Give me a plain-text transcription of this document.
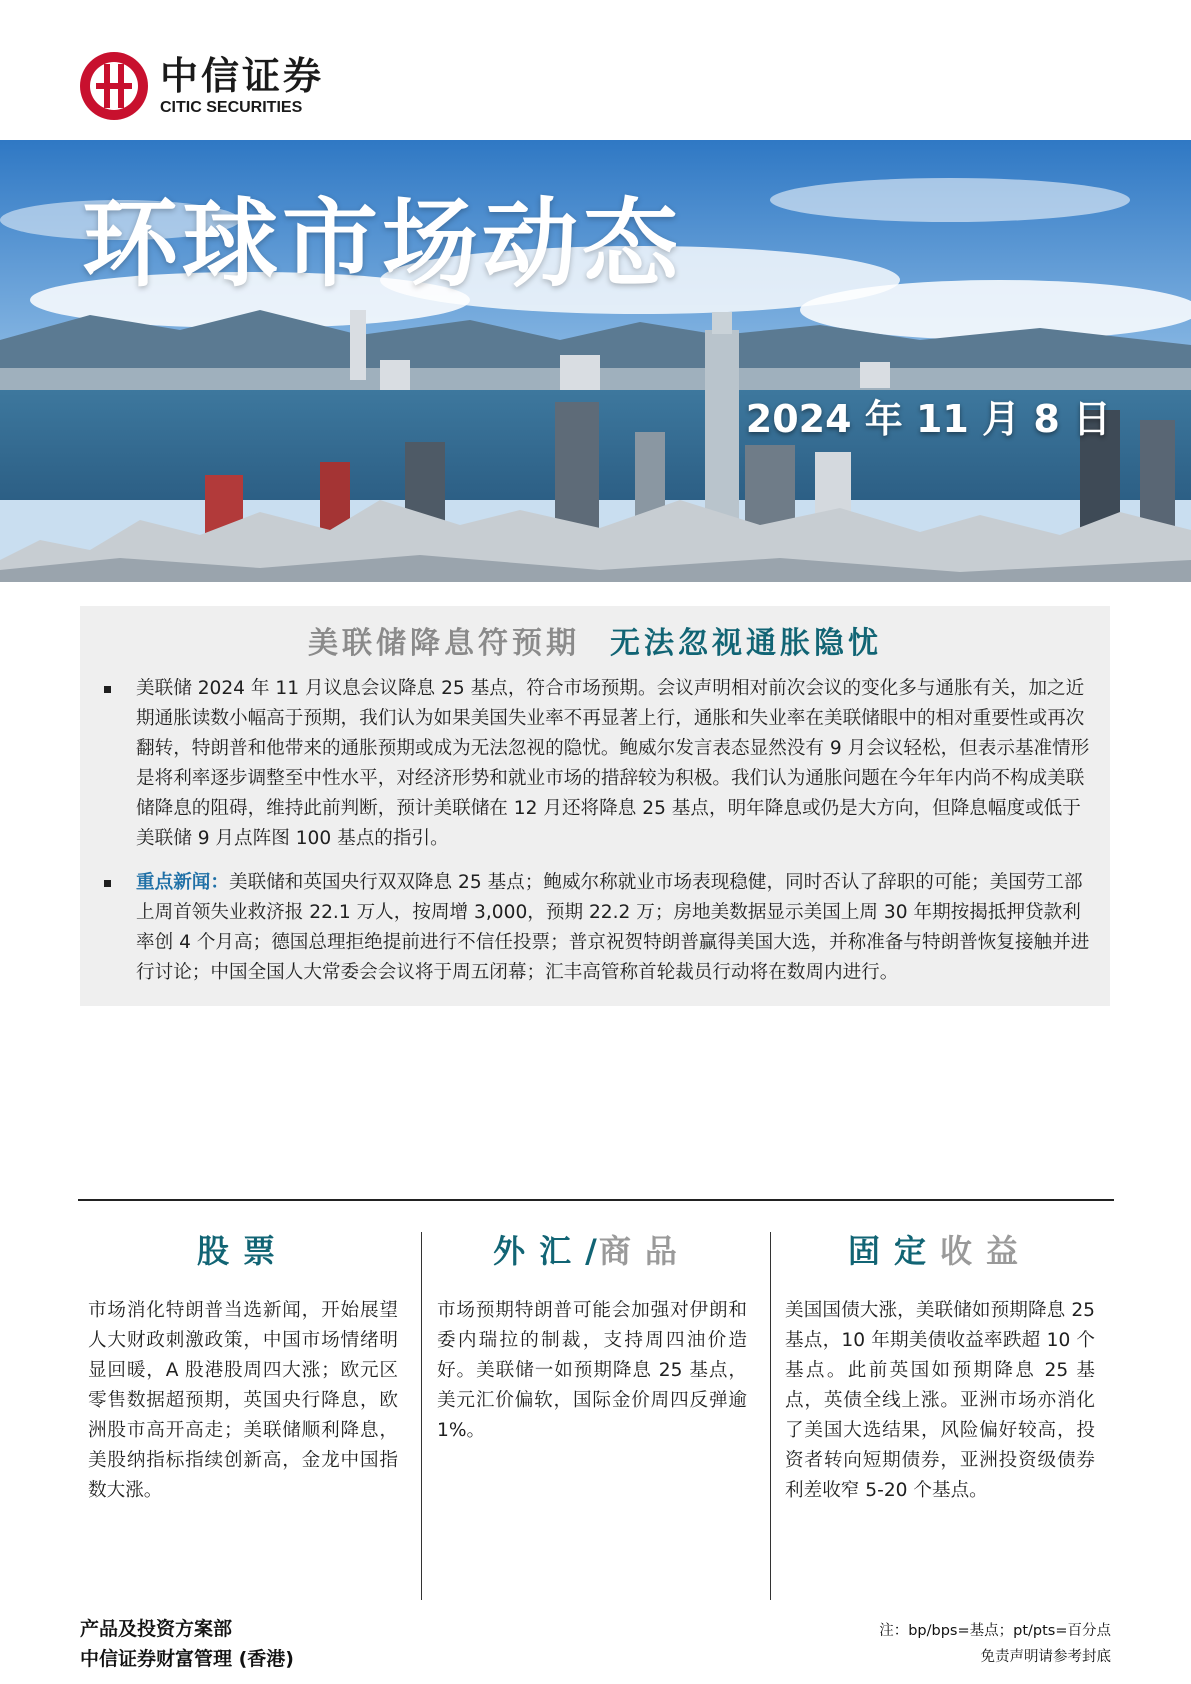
中信证券
CITIC SECURITIES
环球市场动态
2024 年 11 月 8 日
美联储降息符预期 无法忽视通胀隐忧
美联储 2024 年 11 月议息会议降息 25 基点，符合市场预期。会议声明相对前次会议的变化多与通胀有关，加之近期通胀读数小幅高于预期，我们认为如果美国失业率不再显著上行，通胀和失业率在美联储眼中的相对重要性或再次翻转，特朗普和他带来的通胀预期或成为无法忽视的隐忧。鲍威尔发言表态显然没有 9 月会议轻松，但表示基准情形是将利率逐步调整至中性水平，对经济形势和就业市场的措辞较为积极。我们认为通胀问题在今年年内尚不构成美联储降息的阻碍，维持此前判断，预计美联储在 12 月还将降息 25 基点，明年降息或仍是大方向，但降息幅度或低于美联储 9 月点阵图 100 基点的指引。
重点新闻：美联储和英国央行双双降息 25 基点；鲍威尔称就业市场表现稳健，同时否认了辞职的可能；美国劳工部上周首领失业救济报 22.1 万人，按周增 3,000，预期 22.2 万；房地美数据显示美国上周 30 年期按揭抵押贷款利率创 4 个月高；德国总理拒绝提前进行不信任投票；普京祝贺特朗普赢得美国大选，并称准备与特朗普恢复接触并进行讨论；中国全国人大常委会会议将于周五闭幕；汇丰高管称首轮裁员行动将在数周内进行。
股票
市场消化特朗普当选新闻，开始展望人大财政刺激政策，中国市场情绪明显回暖，A 股港股周四大涨；欧元区零售数据超预期，英国央行降息，欧洲股市高开高走；美联储顺利降息，美股纳指标指续创新高，金龙中国指数大涨。
外汇/商品
市场预期特朗普可能会加强对伊朗和委内瑞拉的制裁，支持周四油价造好。美联储一如预期降息 25 基点，美元汇价偏软，国际金价周四反弹逾 1%。
固定收益
美国国债大涨，美联储如预期降息 25 基点，10 年期美债收益率跌超 10 个基点。此前英国如预期降息 25 基点，英债全线上涨。亚洲市场亦消化了美国大选结果，风险偏好较高，投资者转向短期债券，亚洲投资级债券利差收窄 5-20 个基点。
产品及投资方案部
中信证券财富管理 (香港)
注：bp/bps=基点；pt/pts=百分点
免责声明请参考封底
